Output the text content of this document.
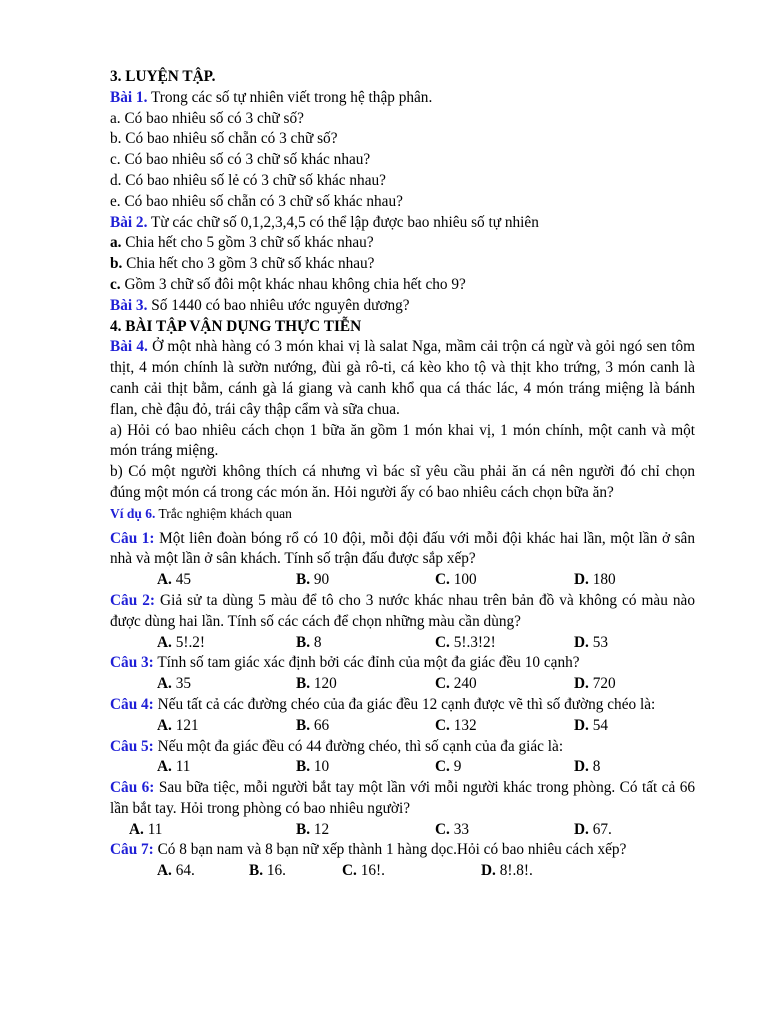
3. LUYỆN TẬP.
Bài 1. Trong các số tự nhiên viết trong hệ thập phân.
a. Có bao nhiêu số có 3 chữ số?
b. Có bao nhiêu số chẵn có 3 chữ số?
c. Có bao nhiêu số có 3 chữ số khác nhau?
d. Có bao nhiêu số lẻ có 3 chữ số khác nhau?
e. Có bao nhiêu số chẵn có 3 chữ số khác nhau?
Bài 2. Từ các chữ số 0,1,2,3,4,5 có thể lập được bao nhiêu số tự nhiên
a. Chia hết cho 5 gồm 3 chữ số khác nhau?
b. Chia hết cho 3 gồm 3 chữ số khác nhau?
c. Gồm 3 chữ số đôi một khác nhau không chia hết cho 9?
Bài 3. Số 1440 có bao nhiêu ước nguyên dương?
4. BÀI TẬP VẬN DỤNG THỰC TIỄN
Bài 4. Ở một nhà hàng có 3 món khai vị là salat Nga, mầm cải trộn cá ngừ và gỏi ngó sen tôm thịt, 4 món chính là sườn nướng, đùi gà rô-ti, cá kèo kho tộ và thịt kho trứng, 3 món canh là canh cải thịt bằm, cánh gà lá giang và canh khổ qua cá thác lác, 4 món tráng miệng là bánh flan, chè đậu đỏ, trái cây thập cẩm và sữa chua.
a) Hỏi có bao nhiêu cách chọn 1 bữa ăn gồm 1 món khai vị, 1 món chính, một canh và một món tráng miệng.
b) Có một người không thích cá nhưng vì bác sĩ yêu cầu phải ăn cá nên người đó chỉ chọn đúng một món cá trong các món ăn. Hỏi người ấy có bao nhiêu cách chọn bữa ăn?
Ví dụ 6. Trắc nghiệm khách quan
Câu 1: Một liên đoàn bóng rổ có 10 đội, mỗi đội đấu với mỗi đội khác hai lần, một lần ở sân nhà và một lần ở sân khách. Tính số trận đấu được sắp xếp?
A. 45	B. 90	C. 100	D. 180
Câu 2: Giả sử ta dùng 5 màu để tô cho 3 nước khác nhau trên bản đồ và không có màu nào được dùng hai lần. Tính số các cách để chọn những màu cần dùng?
A. 5!.2!	B. 8	C. 5!.3!2!	D. 53
Câu 3: Tính số tam giác xác định bởi các đỉnh của một đa giác đều 10 cạnh?
A. 35	B. 120	C. 240	D. 720
Câu 4: Nếu tất cả các đường chéo của đa giác đều 12 cạnh được vẽ thì số đường chéo là:
A. 121	B. 66	C. 132	D. 54
Câu 5: Nếu một đa giác đều có 44 đường chéo, thì số cạnh của đa giác là:
A. 11	B. 10	C. 9	D. 8
Câu 6: Sau bữa tiệc, mỗi người bắt tay một lần với mỗi người khác trong phòng. Có tất cả 66 lần bắt tay. Hỏi trong phòng có bao nhiêu người?
A. 11	B. 12	C. 33	D. 67.
Câu 7: Có 8 bạn nam và 8 bạn nữ xếp thành 1 hàng dọc.Hỏi có bao nhiêu cách xếp?
A. 64.	B. 16.	C. 16!.	D. 8!.8!.
